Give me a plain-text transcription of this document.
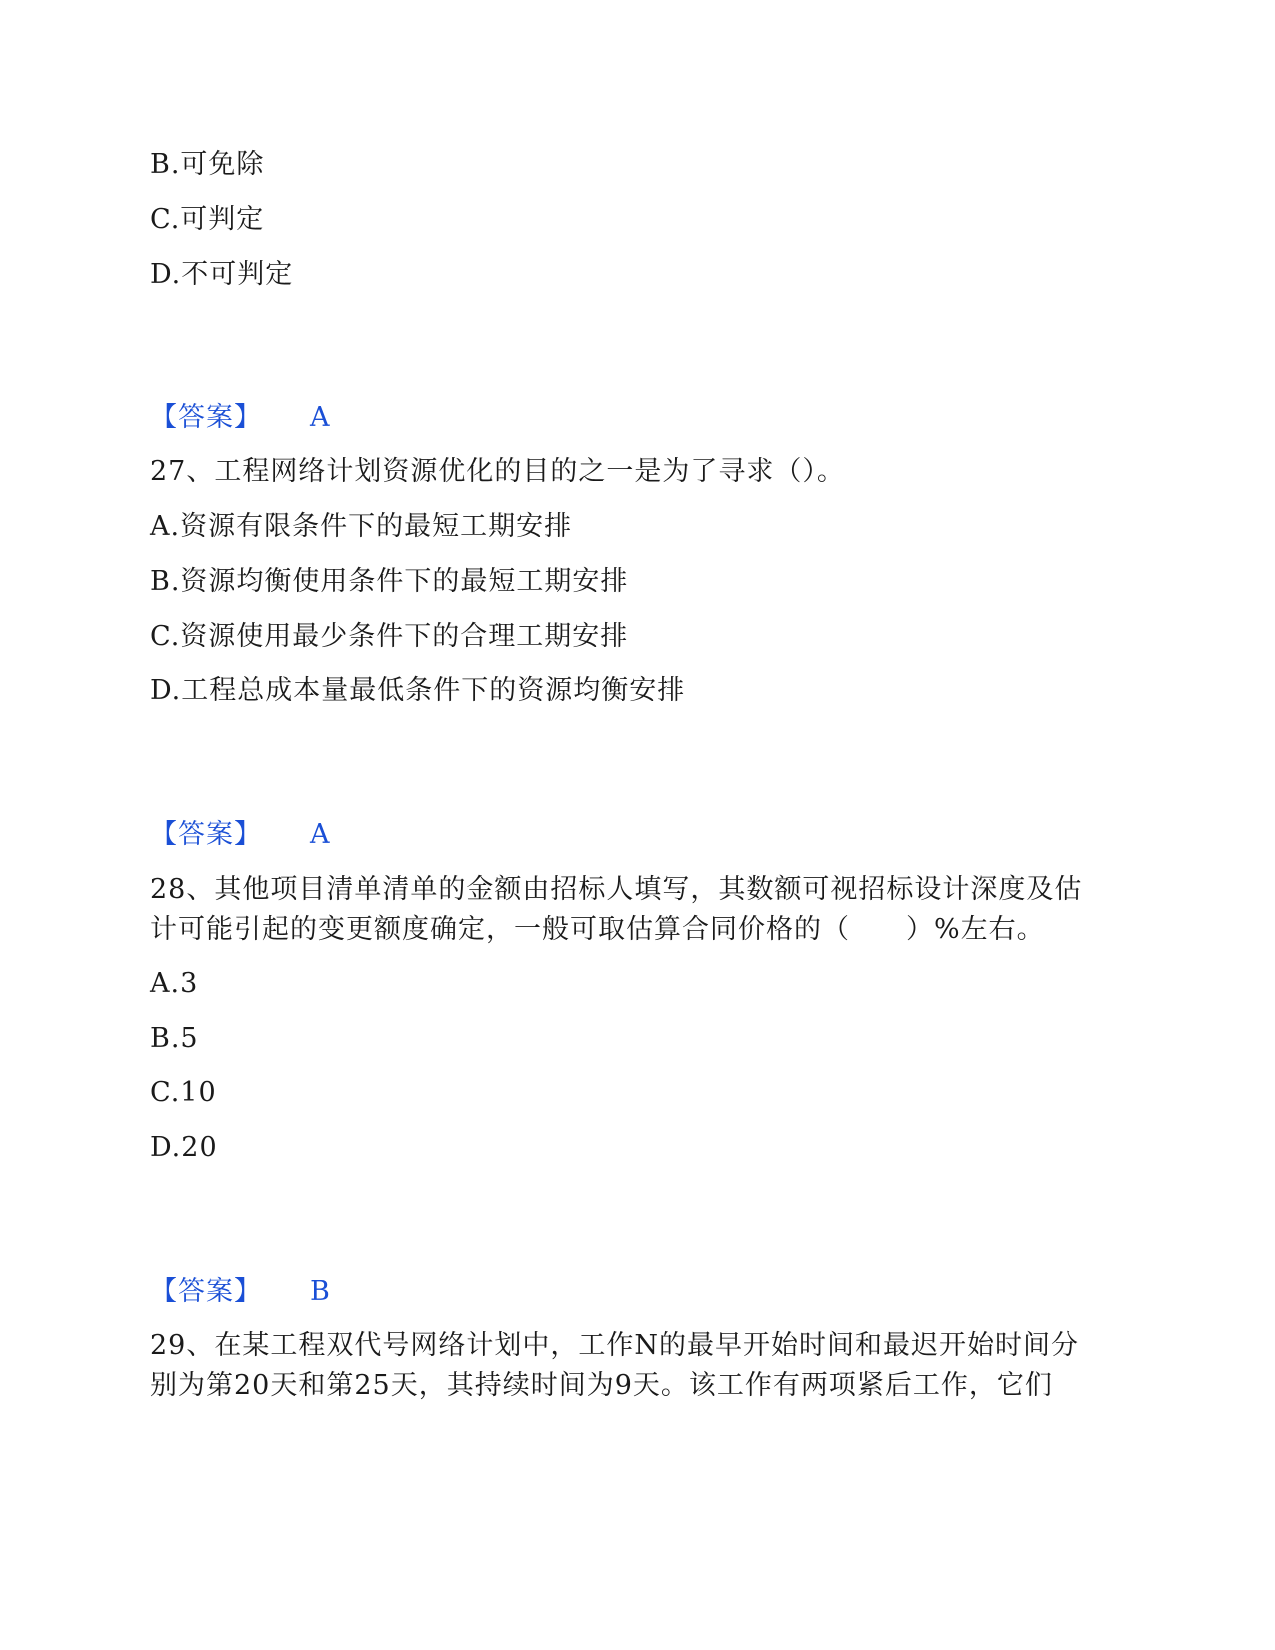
B.可免除
C.可判定
D.不可判定
【答案】 A
27、工程网络计划资源优化的目的之一是为了寻求（）。
A.资源有限条件下的最短工期安排
B.资源均衡使用条件下的最短工期安排
C.资源使用最少条件下的合理工期安排
D.工程总成本量最低条件下的资源均衡安排
【答案】 A
28、其他项目清单清单的金额由招标人填写，其数额可视招标设计深度及估
计可能引起的变更额度确定，一般可取估算合同价格的（　　）%左右。
A.3
B.5
C.10
D.20
【答案】 B
29、在某工程双代号网络计划中，工作N的最早开始时间和最迟开始时间分
别为第20天和第25天，其持续时间为9天。该工作有两项紧后工作，它们
